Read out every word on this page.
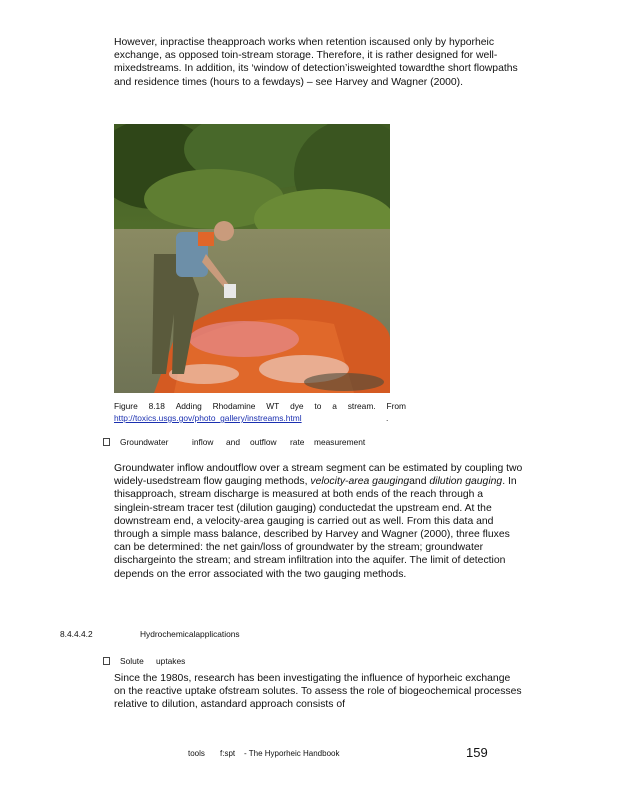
However, inpractise theapproach works when retention iscaused only by hyporheic exchange, as opposed toin-stream storage. Therefore, it is rather designed for well-mixedstreams. In addition, its ‘window of detection’isweighted towardthe short flowpaths and residence times (hours to a fewdays) – see Harvey and Wagner (2000).

Figure 8.18 Adding Rhodamine WT dye to a stream. From
http://toxics.usgs.gov/photo_gallery/instreams.html	.
Groundwater	inflow	and	outflow	rate	measurement

Groundwater inflow andoutflow over a stream segment can be estimated by coupling two widely-usedstream flow gauging methods, velocity-area gaugingand dilution gauging. In thisapproach, stream discharge is measured at both ends of the reach through a singlein-stream tracer test (dilution gauging) conductedat the upstream end. At the downstream end, a velocity-area gauging is carried out as well. From this data and through a simple mass balance, described by Harvey and Wagner (2000), three fluxes can be determined: the net gain/loss of groundwater by the stream; groundwater dischargeinto the stream; and stream infiltration into the aquifer. The limit of detection depends on the error associated with the two gauging methods.

8.4.4.4.2	Hydrochemicalapplications
Solute	uptakes

Since the 1980s, research has been investigating the influence of hyporheic exchange on the reactive uptake ofstream solutes. To assess the role of biogeochemical processes relative to dilution, astandard approach consists of

tools f:spt - The Hyporheic Handbook	159
